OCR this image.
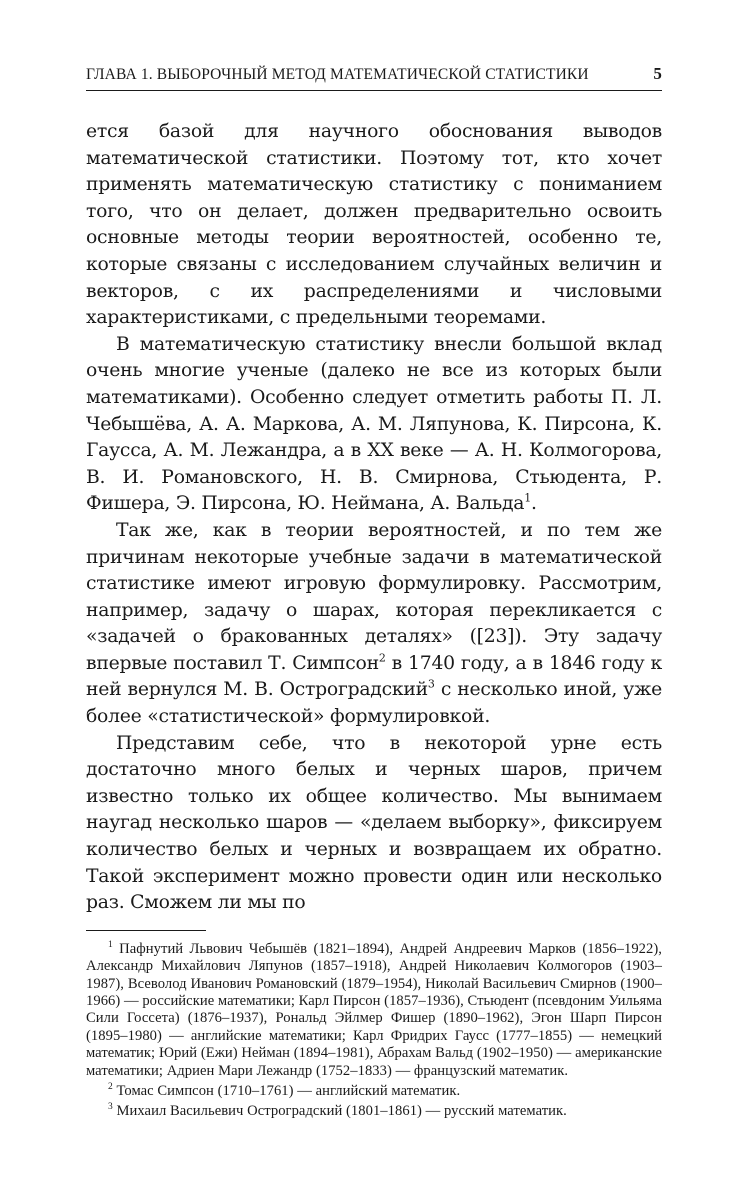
ГЛАВА 1. ВЫБОРОЧНЫЙ МЕТОД МАТЕМАТИЧЕСКОЙ СТАТИСТИКИ	5

ется базой для научного обоснования выводов математической статистики. Поэтому тот, кто хочет применять математическую статистику с пониманием того, что он делает, должен предварительно освоить основные методы теории вероятностей, особенно те, которые связаны с исследованием случайных величин и векторов, с их распределениями и числовыми характеристиками, с предельными теоремами.

В математическую статистику внесли большой вклад очень многие ученые (далеко не все из которых были математиками). Особенно следует отметить работы П. Л. Чебышёва, А. А. Маркова, А. М. Ляпунова, К. Пирсона, К. Гаусса, А. М. Лежандра, а в XX веке — А. Н. Колмогорова, В. И. Романовского, Н. В. Смирнова, Стьюдента, Р. Фишера, Э. Пирсона, Ю. Неймана, А. Вальда$^1$.

Так же, как в теории вероятностей, и по тем же причинам некоторые учебные задачи в математической статистике имеют игровую формулировку. Рассмотрим, например, задачу о шарах, которая перекликается с «задачей о бракованных деталях» ([23]). Эту задачу впервые поставил Т. Симпсон$^2$ в 1740 году, а в 1846 году к ней вернулся М. В. Остроградский$^3$ с несколько иной, уже более «статистической» формулировкой.

Представим себе, что в некоторой урне есть достаточно много белых и черных шаров, причем известно только их общее количество. Мы вынимаем наугад несколько шаров — «делаем выборку», фиксируем количество белых и черных и возвращаем их обратно. Такой эксперимент можно провести один или несколько раз. Сможем ли мы по

$^1$ Пафнутий Львович Чебышёв (1821–1894), Андрей Андреевич Марков (1856–1922), Александр Михайлович Ляпунов (1857–1918), Андрей Николаевич Колмогоров (1903–1987), Всеволод Иванович Романовский (1879–1954), Николай Васильевич Смирнов (1900–1966) — российские математики; Карл Пирсон (1857–1936), Стьюдент (псевдоним Уильяма Сили Госсета) (1876–1937), Рональд Эйлмер Фишер (1890–1962), Эгон Шарп Пирсон (1895–1980) — английские математики; Карл Фридрих Гаусс (1777–1855) — немецкий математик; Юрий (Ежи) Нейман (1894–1981), Абрахам Вальд (1902–1950) — американские математики; Адриен Мари Лежандр (1752–1833) — французский математик.

$^2$ Томас Симпсон (1710–1761) — английский математик.

$^3$ Михаил Васильевич Остроградский (1801–1861) — русский математик.
